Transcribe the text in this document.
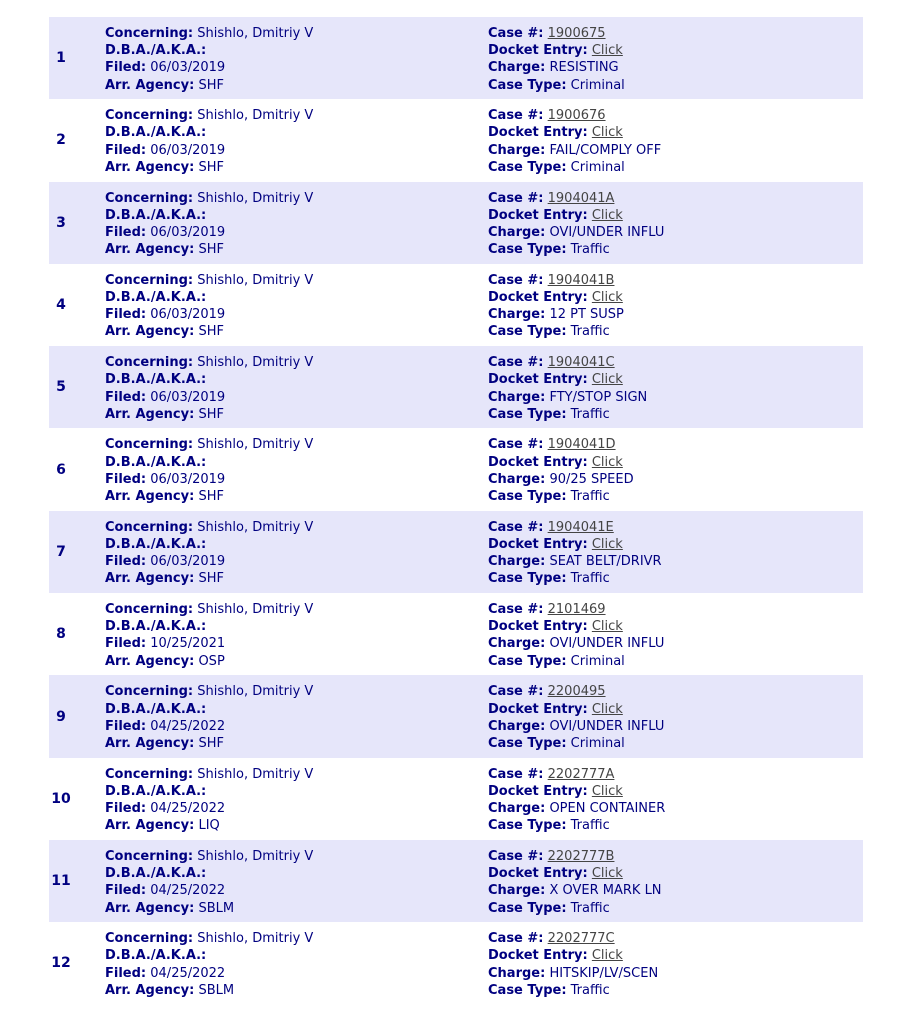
1
Concerning: Shishlo, Dmitriy V
D.B.A./A.K.A.:
Filed: 06/03/2019
Arr. Agency: SHF
Case #: 1900675
Docket Entry: Click
Charge: RESISTING
Case Type: Criminal
2
Concerning: Shishlo, Dmitriy V
D.B.A./A.K.A.:
Filed: 06/03/2019
Arr. Agency: SHF
Case #: 1900676
Docket Entry: Click
Charge: FAIL/COMPLY OFF
Case Type: Criminal
3
Concerning: Shishlo, Dmitriy V
D.B.A./A.K.A.:
Filed: 06/03/2019
Arr. Agency: SHF
Case #: 1904041A
Docket Entry: Click
Charge: OVI/UNDER INFLU
Case Type: Traffic
4
Concerning: Shishlo, Dmitriy V
D.B.A./A.K.A.:
Filed: 06/03/2019
Arr. Agency: SHF
Case #: 1904041B
Docket Entry: Click
Charge: 12 PT SUSP
Case Type: Traffic
5
Concerning: Shishlo, Dmitriy V
D.B.A./A.K.A.:
Filed: 06/03/2019
Arr. Agency: SHF
Case #: 1904041C
Docket Entry: Click
Charge: FTY/STOP SIGN
Case Type: Traffic
6
Concerning: Shishlo, Dmitriy V
D.B.A./A.K.A.:
Filed: 06/03/2019
Arr. Agency: SHF
Case #: 1904041D
Docket Entry: Click
Charge: 90/25 SPEED
Case Type: Traffic
7
Concerning: Shishlo, Dmitriy V
D.B.A./A.K.A.:
Filed: 06/03/2019
Arr. Agency: SHF
Case #: 1904041E
Docket Entry: Click
Charge: SEAT BELT/DRIVR
Case Type: Traffic
8
Concerning: Shishlo, Dmitriy V
D.B.A./A.K.A.:
Filed: 10/25/2021
Arr. Agency: OSP
Case #: 2101469
Docket Entry: Click
Charge: OVI/UNDER INFLU
Case Type: Criminal
9
Concerning: Shishlo, Dmitriy V
D.B.A./A.K.A.:
Filed: 04/25/2022
Arr. Agency: SHF
Case #: 2200495
Docket Entry: Click
Charge: OVI/UNDER INFLU
Case Type: Criminal
10
Concerning: Shishlo, Dmitriy V
D.B.A./A.K.A.:
Filed: 04/25/2022
Arr. Agency: LIQ
Case #: 2202777A
Docket Entry: Click
Charge: OPEN CONTAINER
Case Type: Traffic
11
Concerning: Shishlo, Dmitriy V
D.B.A./A.K.A.:
Filed: 04/25/2022
Arr. Agency: SBLM
Case #: 2202777B
Docket Entry: Click
Charge: X OVER MARK LN
Case Type: Traffic
12
Concerning: Shishlo, Dmitriy V
D.B.A./A.K.A.:
Filed: 04/25/2022
Arr. Agency: SBLM
Case #: 2202777C
Docket Entry: Click
Charge: HITSKIP/LV/SCEN
Case Type: Traffic
